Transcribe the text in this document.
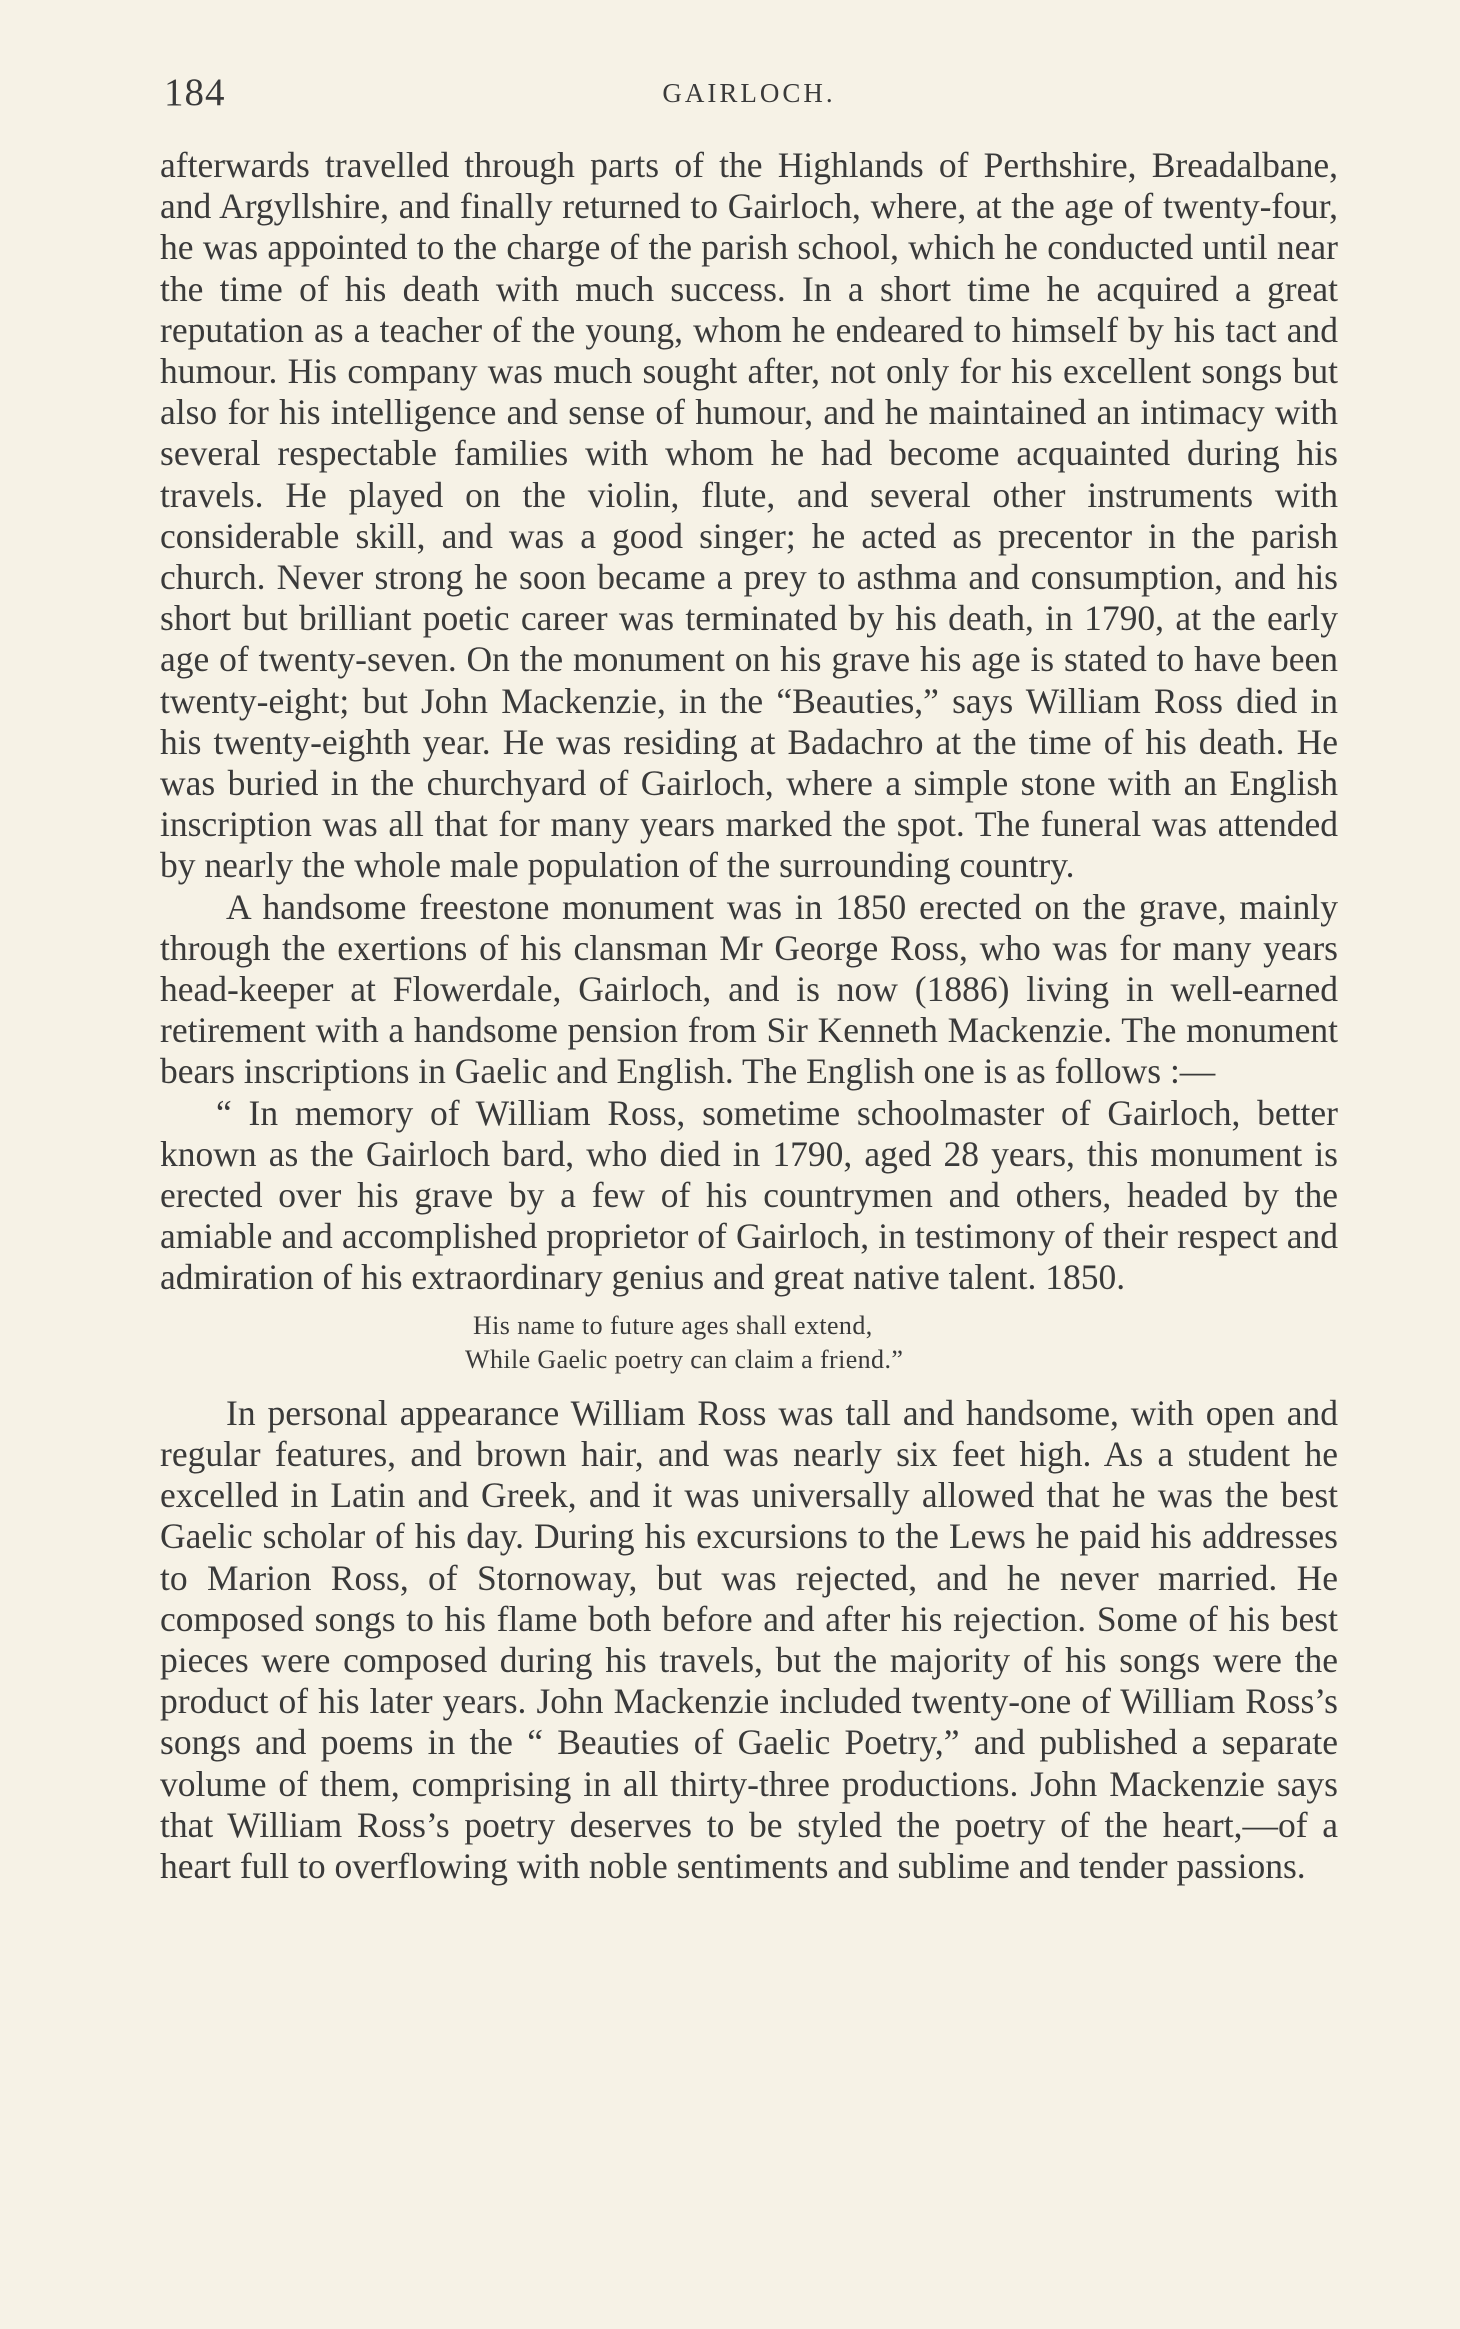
184	GAIRLOCH.

afterwards travelled through parts of the Highlands of Perthshire, Breadalbane, and Argyllshire, and finally returned to Gairloch, where, at the age of twenty-four, he was appointed to the charge of the parish school, which he conducted until near the time of his death with much success. In a short time he acquired a great reputation as a teacher of the young, whom he endeared to himself by his tact and humour. His company was much sought after, not only for his excellent songs but also for his intelligence and sense of humour, and he maintained an intimacy with several respectable families with whom he had become acquainted during his travels. He played on the violin, flute, and several other instruments with considerable skill, and was a good singer; he acted as precentor in the parish church. Never strong he soon became a prey to asthma and consumption, and his short but brilliant poetic career was terminated by his death, in 1790, at the early age of twenty-seven. On the monument on his grave his age is stated to have been twenty-eight; but John Mackenzie, in the “Beauties,” says William Ross died in his twenty-eighth year. He was residing at Badachro at the time of his death. He was buried in the churchyard of Gairloch, where a simple stone with an English inscription was all that for many years marked the spot. The funeral was attended by nearly the whole male population of the surrounding country.

A handsome freestone monument was in 1850 erected on the grave, mainly through the exertions of his clansman Mr George Ross, who was for many years head-keeper at Flowerdale, Gairloch, and is now (1886) living in well-earned retirement with a handsome pension from Sir Kenneth Mackenzie. The monument bears inscriptions in Gaelic and English. The English one is as follows :—

“ In memory of William Ross, sometime schoolmaster of Gairloch, better known as the Gairloch bard, who died in 1790, aged 28 years, this monument is erected over his grave by a few of his countrymen and others, headed by the amiable and accomplished proprietor of Gairloch, in testimony of their respect and admiration of his extraordinary genius and great native talent. 1850.

His name to future ages shall extend,
While Gaelic poetry can claim a friend.”

In personal appearance William Ross was tall and handsome, with open and regular features, and brown hair, and was nearly six feet high. As a student he excelled in Latin and Greek, and it was universally allowed that he was the best Gaelic scholar of his day. During his excursions to the Lews he paid his addresses to Marion Ross, of Stornoway, but was rejected, and he never married. He composed songs to his flame both before and after his rejection. Some of his best pieces were composed during his travels, but the majority of his songs were the product of his later years. John Mackenzie included twenty-one of William Ross’s songs and poems in the “ Beauties of Gaelic Poetry,” and published a separate volume of them, comprising in all thirty-three productions. John Mackenzie says that William Ross’s poetry deserves to be styled the poetry of the heart,—of a heart full to overflowing with noble sentiments and sublime and tender passions.
